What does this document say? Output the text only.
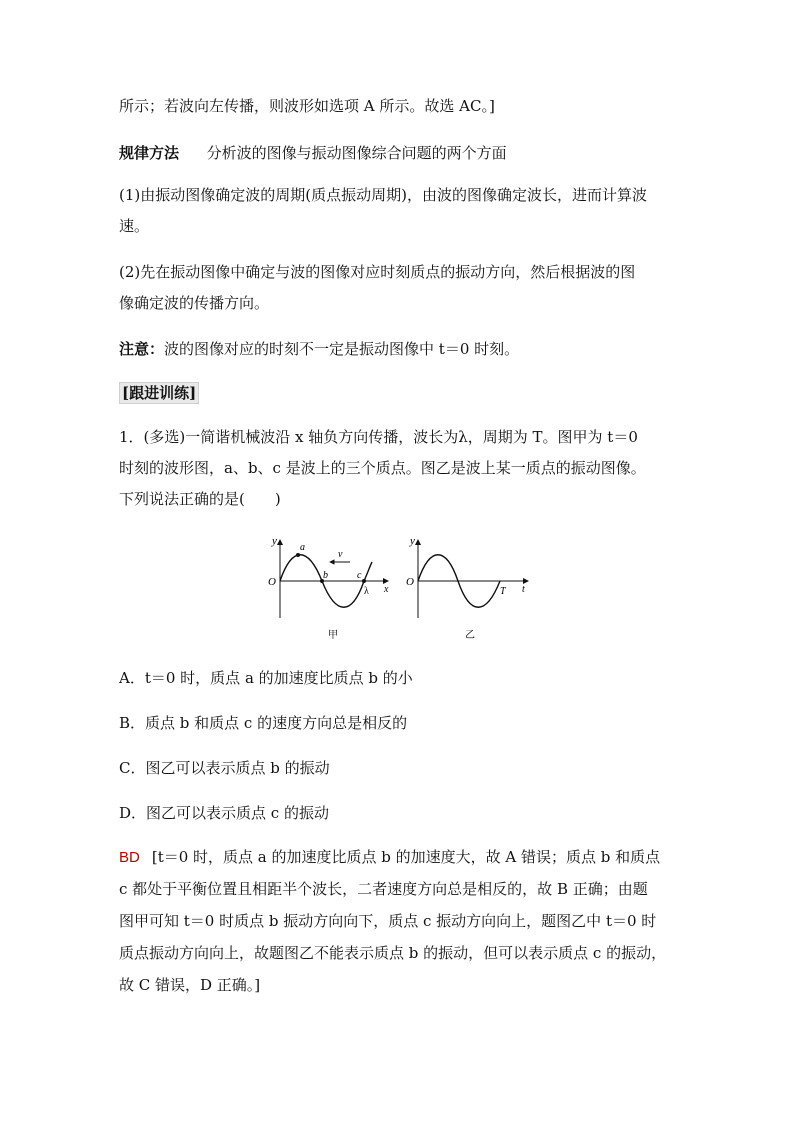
所示；若波向左传播，则波形如选项 A 所示。故选 AC。]
规律方法 分析波的图像与振动图像综合问题的两个方面
(1)由振动图像确定波的周期(质点振动周期)，由波的图像确定波长，进而计算波
速。
(2)先在振动图像中确定与波的图像对应时刻质点的振动方向，然后根据波的图
像确定波的传播方向。
注意：波的图像对应的时刻不一定是振动图像中 t＝0 时刻。
[跟进训练]
1．(多选)一简谐机械波沿 x 轴负方向传播，波长为λ，周期为 T。图甲为 t＝0
时刻的波形图，a、b、c 是波上的三个质点。图乙是波上某一质点的振动图像。
下列说法正确的是(　　)
y
O
a
b	c
v
λ x
甲
y
O
T t
乙
A．t＝0 时，质点 a 的加速度比质点 b 的小
B．质点 b 和质点 c 的速度方向总是相反的
C．图乙可以表示质点 b 的振动
D．图乙可以表示质点 c 的振动
BD [t＝0 时，质点 a 的加速度比质点 b 的加速度大，故 A 错误；质点 b 和质点
c 都处于平衡位置且相距半个波长，二者速度方向总是相反的，故 B 正确；由题
图甲可知 t＝0 时质点 b 振动方向向下，质点 c 振动方向向上，题图乙中 t＝0 时
质点振动方向向上，故题图乙不能表示质点 b 的振动，但可以表示质点 c 的振动，
故 C 错误，D 正确。]
